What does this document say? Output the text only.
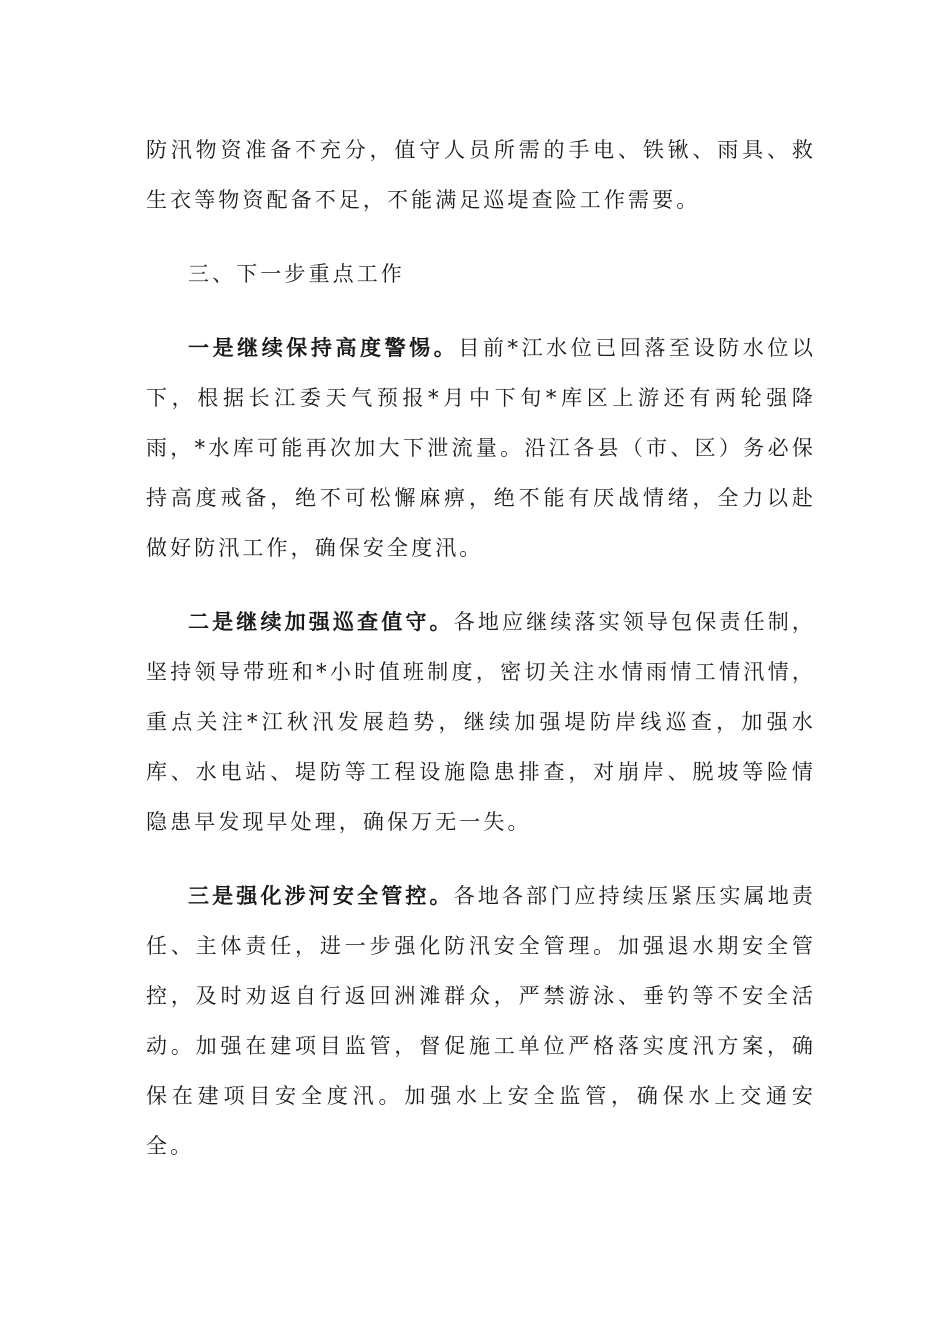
防汛物资准备不充分，值守人员所需的手电、铁锹、雨具、救生衣等物资配备不足，不能满足巡堤查险工作需要。

三、下一步重点工作

一是继续保持高度警惕。目前*江水位已回落至设防水位以下，根据长江委天气预报*月中下旬*库区上游还有两轮强降雨，*水库可能再次加大下泄流量。沿江各县（市、区）务必保持高度戒备，绝不可松懈麻痹，绝不能有厌战情绪，全力以赴做好防汛工作，确保安全度汛。

二是继续加强巡查值守。各地应继续落实领导包保责任制，坚持领导带班和*小时值班制度，密切关注水情雨情工情汛情，重点关注*江秋汛发展趋势，继续加强堤防岸线巡查，加强水库、水电站、堤防等工程设施隐患排查，对崩岸、脱坡等险情隐患早发现早处理，确保万无一失。

三是强化涉河安全管控。各地各部门应持续压紧压实属地责任、主体责任，进一步强化防汛安全管理。加强退水期安全管控，及时劝返自行返回洲滩群众，严禁游泳、垂钓等不安全活动。加强在建项目监管，督促施工单位严格落实度汛方案，确保在建项目安全度汛。加强水上安全监管，确保水上交通安全。
